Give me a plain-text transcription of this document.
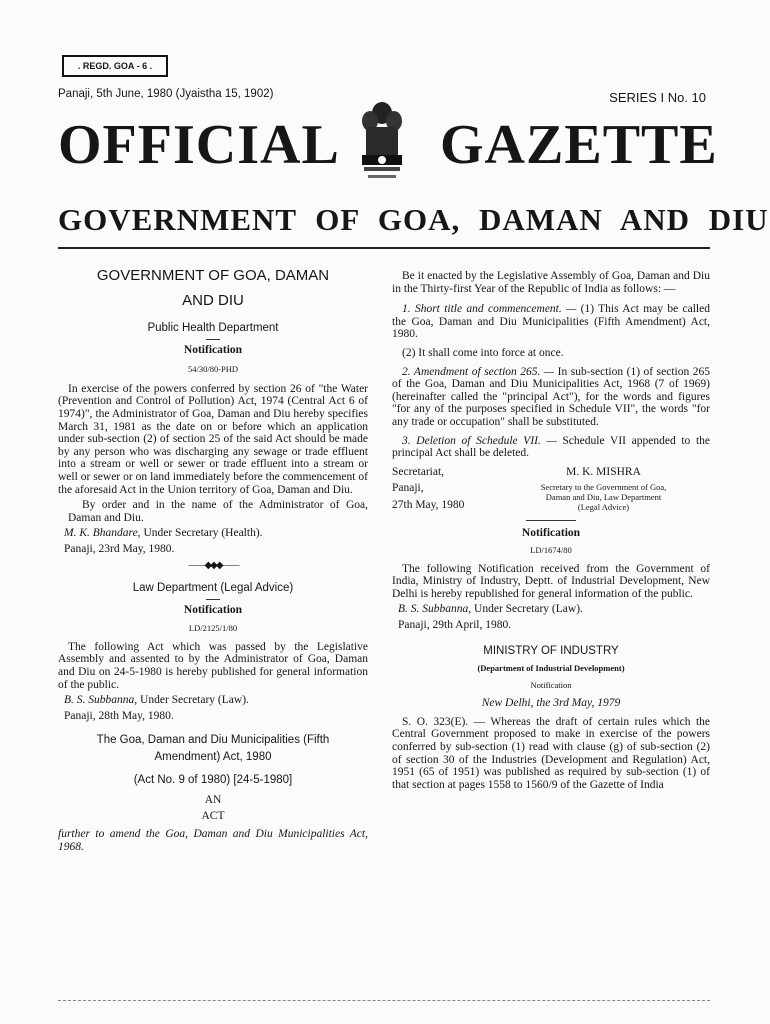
. REGD. GOA - 6 .
Panaji, 5th June, 1980 (Jyaistha 15, 1902)	SERIES I No. 10
OFFICIAL GAZETTE
GOVERNMENT OF GOA, DAMAN AND DIU
GOVERNMENT OF GOA, DAMAN
AND DIU
Public Health Department
Notification
54/30/80-PHD

In exercise of the powers conferred by section 26 of "the Water (Prevention and Control of Pollution) Act, 1974 (Central Act 6 of 1974)", the Administrator of Goa, Daman and Diu hereby specifies March 31, 1981 as the date on or before which an application under sub-section (2) of section 25 of the said Act should be made by any person who was discharging any sewage or trade effluent into a stream or well or sewer or trade effluent into a stream or well or sewer or on land immediately before the commencement of the aforesaid Act in the Union territory of Goa, Daman and Diu.

By order and in the name of the Administrator of Goa, Daman and Diu.

M. K. Bhandare, Under Secretary (Health).

Panaji, 23rd May, 1980.

——◆◆◆——
Law Department (Legal Advice)
Notification
LD/2125/1/80

The following Act which was passed by the Legislative Assembly and assented to by the Administrator of Goa, Daman and Diu on 24-5-1980 is hereby published for general information of the public.

B. S. Subbanna, Under Secretary (Law).

Panaji, 28th May, 1980.

The Goa, Daman and Diu Municipalities (Fifth Amendment) Act, 1980
(Act No. 9 of 1980) [24-5-1980]
AN
ACT

further to amend the Goa, Daman and Diu Municipalities Act, 1968.

Be it enacted by the Legislative Assembly of Goa, Daman and Diu in the Thirty-first Year of the Republic of India as follows: —

1. Short title and commencement. — (1) This Act may be called the Goa, Daman and Diu Municipalities (Fifth Amendment) Act, 1980.

(2) It shall come into force at once.

2. Amendment of section 265. — In sub-section (1) of section 265 of the Goa, Daman and Diu Municipalities Act, 1968 (7 of 1969) (hereinafter called the "principal Act"), for the words and figures "for any of the purposes specified in Schedule VII", the words "for any trade or occupation" shall be substituted.

3. Deletion of Schedule VII. — Schedule VII appended to the principal Act shall be deleted.

Secretariat,
Panaji,
27th May, 1980
M. K. MISHRA
Secretary to the Government of Goa,
Daman and Diu, Law Department
(Legal Advice)
Notification
LD/1674/80

The following Notification received from the Government of India, Ministry of Industry, Deptt. of Industrial Development, New Delhi is hereby republished for general information of the public.

B. S. Subbanna, Under Secretary (Law).

Panaji, 29th April, 1980.

MINISTRY OF INDUSTRY
(Department of Industrial Development)
Notification
New Delhi, the 3rd May, 1979

S. O. 323(E). — Whereas the draft of certain rules which the Central Government proposed to make in exercise of the powers conferred by sub-section (1) read with clause (g) of sub-section (2) of section 30 of the Industries (Development and Regulation) Act, 1951 (65 of 1951) was published as required by sub-section (1) of that section at pages 1558 to 1560/9 of the Gazette of India
